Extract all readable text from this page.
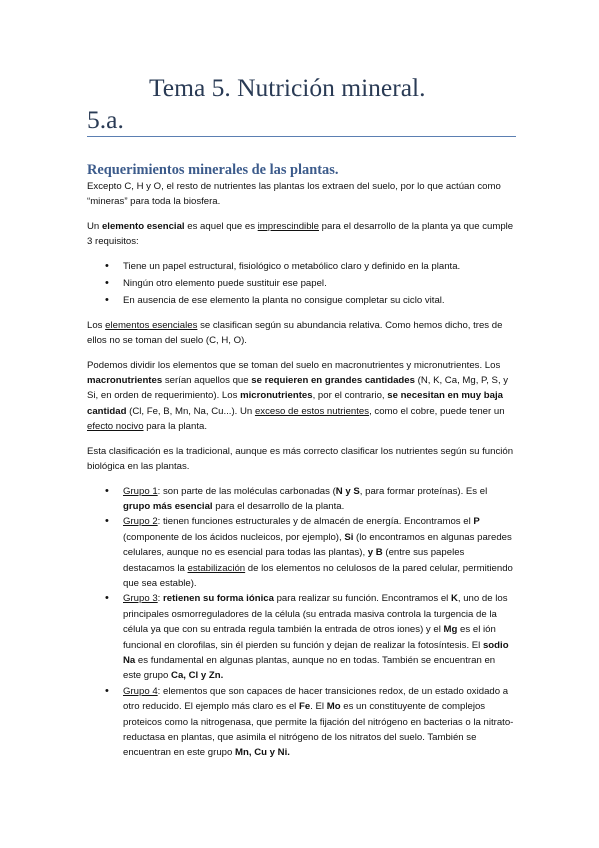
Tema 5. Nutrición mineral.
5.a.
Requerimientos minerales de las plantas.

Excepto C, H y O, el resto de nutrientes las plantas los extraen del suelo, por lo que actúan como “mineras” para toda la biosfera.

Un elemento esencial es aquel que es imprescindible para el desarrollo de la planta ya que cumple 3 requisitos:

• Tiene un papel estructural, fisiológico o metabólico claro y definido en la planta.
• Ningún otro elemento puede sustituir ese papel.
• En ausencia de ese elemento la planta no consigue completar su ciclo vital.

Los elementos esenciales se clasifican según su abundancia relativa. Como hemos dicho, tres de ellos no se toman del suelo (C, H, O).

Podemos dividir los elementos que se toman del suelo en macronutrientes y micronutrientes. Los macronutrientes serían aquellos que se requieren en grandes cantidades (N, K, Ca, Mg, P, S, y Si, en orden de requerimiento). Los micronutrientes, por el contrario, se necesitan en muy baja cantidad (Cl, Fe, B, Mn, Na, Cu...). Un exceso de estos nutrientes, como el cobre, puede tener un efecto nocivo para la planta.

Esta clasificación es la tradicional, aunque es más correcto clasificar los nutrientes según su función biológica en las plantas.

• Grupo 1: son parte de las moléculas carbonadas (N y S, para formar proteínas). Es el grupo más esencial para el desarrollo de la planta.
• Grupo 2: tienen funciones estructurales y de almacén de energía. Encontramos el P (componente de los ácidos nucleicos, por ejemplo), Si (lo encontramos en algunas paredes celulares, aunque no es esencial para todas las plantas), y B (entre sus papeles destacamos la estabilización de los elementos no celulosos de la pared celular, permitiendo que sea estable).
• Grupo 3: retienen su forma iónica para realizar su función. Encontramos el K, uno de los principales osmorreguladores de la célula (su entrada masiva controla la turgencia de la célula ya que con su entrada regula también la entrada de otros iones) y el Mg es el ión funcional en clorofilas, sin él pierden su función y dejan de realizar la fotosíntesis. El sodio Na es fundamental en algunas plantas, aunque no en todas. También se encuentran en este grupo Ca, Cl y Zn.
• Grupo 4: elementos que son capaces de hacer transiciones redox, de un estado oxidado a otro reducido. El ejemplo más claro es el Fe. El Mo es un constituyente de complejos proteicos como la nitrogenasa, que permite la fijación del nitrógeno en bacterias o la nitrato-reductasa en plantas, que asimila el nitrógeno de los nitratos del suelo. También se encuentran en este grupo Mn, Cu y Ni.
